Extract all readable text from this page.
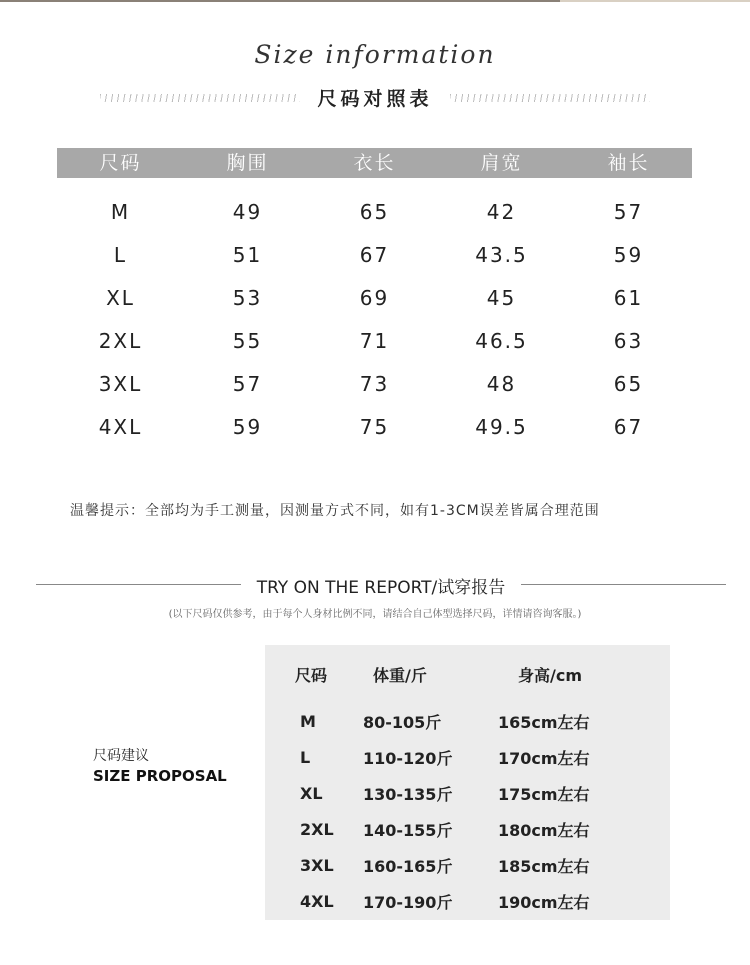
Size information
尺码对照表
尺码	胸围	衣长	肩宽	袖长
M	49	65	42	57
L	51	67	43.5	59
XL	53	69	45	61
2XL	55	71	46.5	63
3XL	57	73	48	65
4XL	59	75	49.5	67
温馨提示：全部均为手工测量，因测量方式不同，如有1-3CM误差皆属合理范围
TRY ON THE REPORT/试穿报告
(以下尺码仅供参考，由于每个人身材比例不同，请结合自己体型选择尺码，详情请咨询客服。)
尺码建议
SIZE PROPOSAL
尺码	体重/斤	身高/cm
M	80-105斤	165cm左右
L	110-120斤	170cm左右
XL	130-135斤	175cm左右
2XL	140-155斤	180cm左右
3XL	160-165斤	185cm左右
4XL	170-190斤	190cm左右
